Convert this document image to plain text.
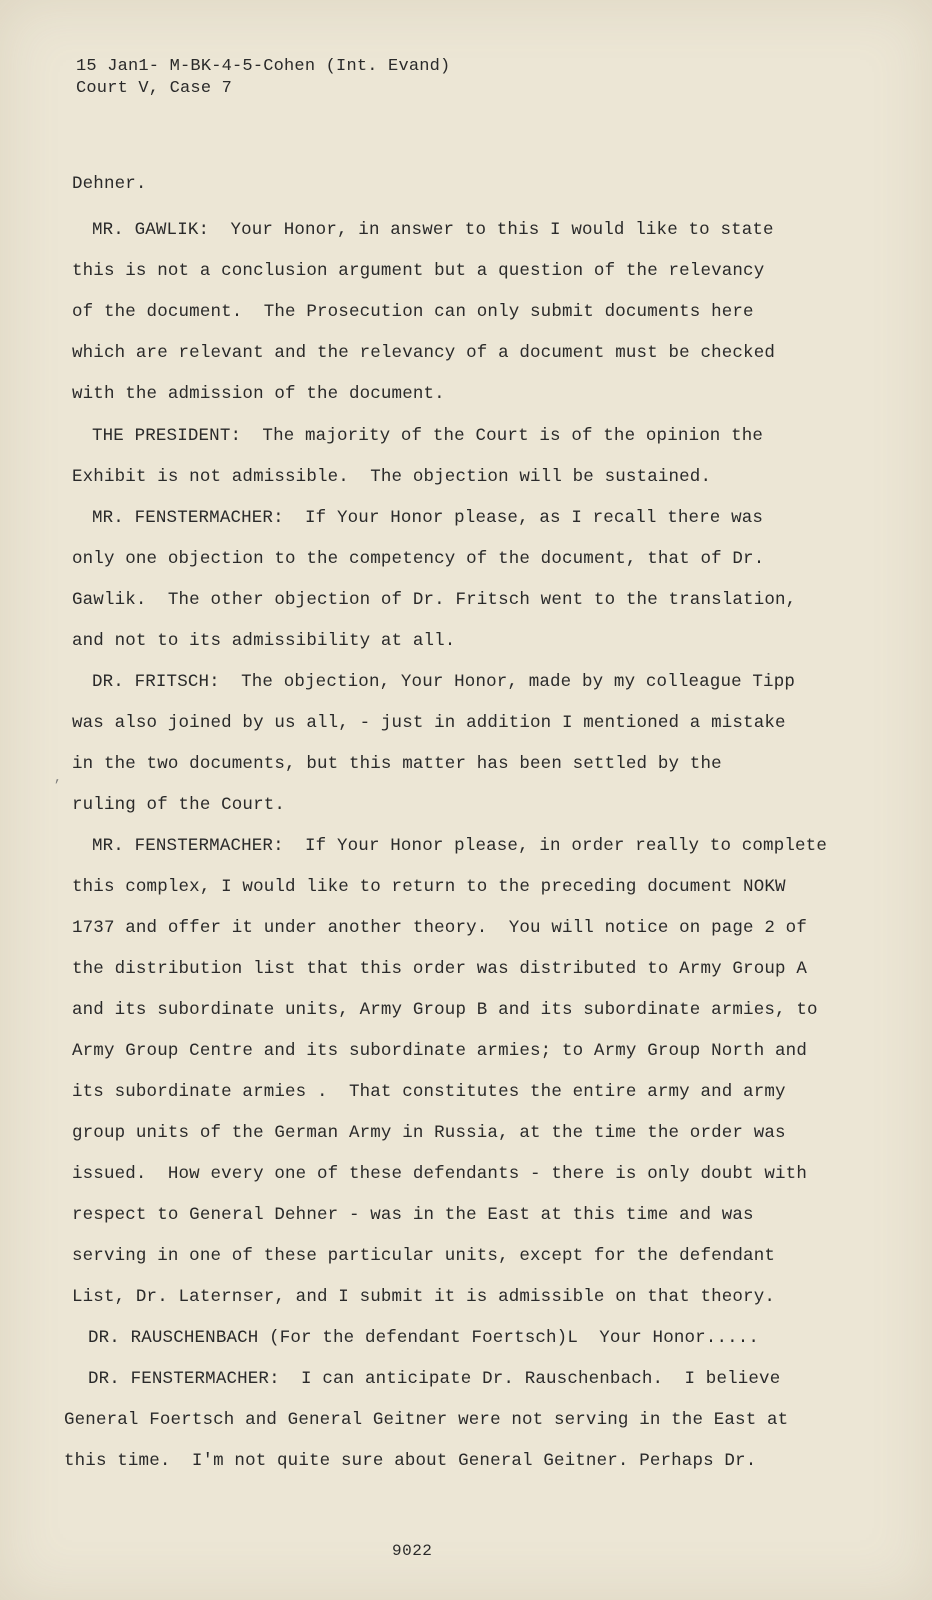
15 Jan1- M-BK-4-5-Cohen (Int. Evand)
Court V, Case 7
Dehner.
MR. GAWLIK:  Your Honor, in answer to this I would like to state
this is not a conclusion argument but a question of the relevancy
of the document.  The Prosecution can only submit documents here
which are relevant and the relevancy of a document must be checked
with the admission of the document.
THE PRESIDENT:  The majority of the Court is of the opinion the
Exhibit is not admissible.  The objection will be sustained.
MR. FENSTERMACHER:  If Your Honor please, as I recall there was
only one objection to the competency of the document, that of Dr.
Gawlik.  The other objection of Dr. Fritsch went to the translation,
and not to its admissibility at all.
DR. FRITSCH:  The objection, Your Honor, made by my colleague Tipp
was also joined by us all, - just in addition I mentioned a mistake
in the two documents, but this matter has been settled by the
ruling of the Court.
MR. FENSTERMACHER:  If Your Honor please, in order really to complete
this complex, I would like to return to the preceding document NOKW
1737 and offer it under another theory.  You will notice on page 2 of
the distribution list that this order was distributed to Army Group A
and its subordinate units, Army Group B and its subordinate armies, to
Army Group Centre and its subordinate armies; to Army Group North and
its subordinate armies .  That constitutes the entire army and army
group units of the German Army in Russia, at the time the order was
issued.  How every one of these defendants - there is only doubt with
respect to General Dehner - was in the East at this time and was
serving in one of these particular units, except for the defendant
List, Dr. Laternser, and I submit it is admissible on that theory.
DR. RAUSCHENBACH (For the defendant Foertsch)L  Your Honor.....
DR. FENSTERMACHER:  I can anticipate Dr. Rauschenbach.  I believe
General Foertsch and General Geitner were not serving in the East at
this time.  I'm not quite sure about General Geitner. Perhaps Dr.
,
9022
